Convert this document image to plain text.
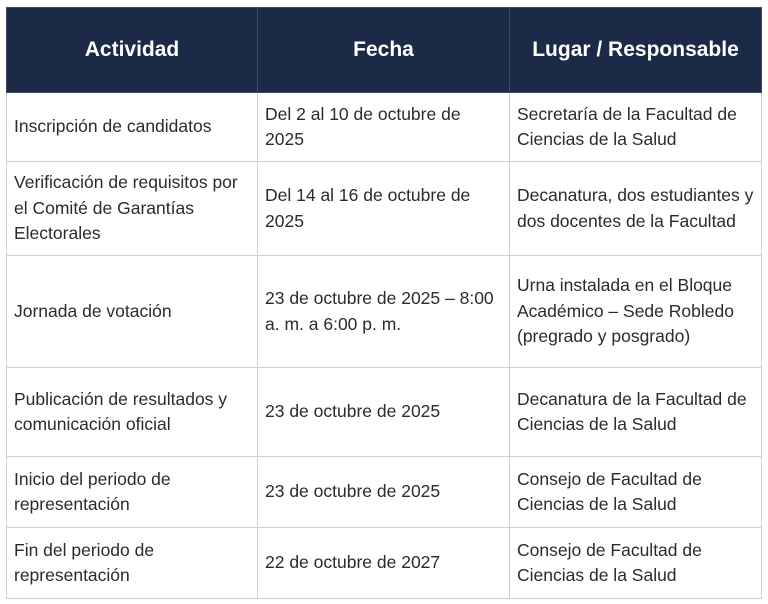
Actividad	Fecha	Lugar / Responsable
Inscripción de candidatos	Del 2 al 10 de octubre de 2025	Secretaría de la Facultad de Ciencias de la Salud
Verificación de requisitos por el Comité de Garantías Electorales	Del 14 al 16 de octubre de 2025	Decanatura, dos estudiantes y dos docentes de la Facultad
Jornada de votación	23 de octubre de 2025 – 8:00 a. m. a 6:00 p. m.	Urna instalada en el Bloque Académico – Sede Robledo (pregrado y posgrado)
Publicación de resultados y comunicación oficial	23 de octubre de 2025	Decanatura de la Facultad de Ciencias de la Salud
Inicio del periodo de representación	23 de octubre de 2025	Consejo de Facultad de Ciencias de la Salud
Fin del periodo de representación	22 de octubre de 2027	Consejo de Facultad de Ciencias de la Salud
